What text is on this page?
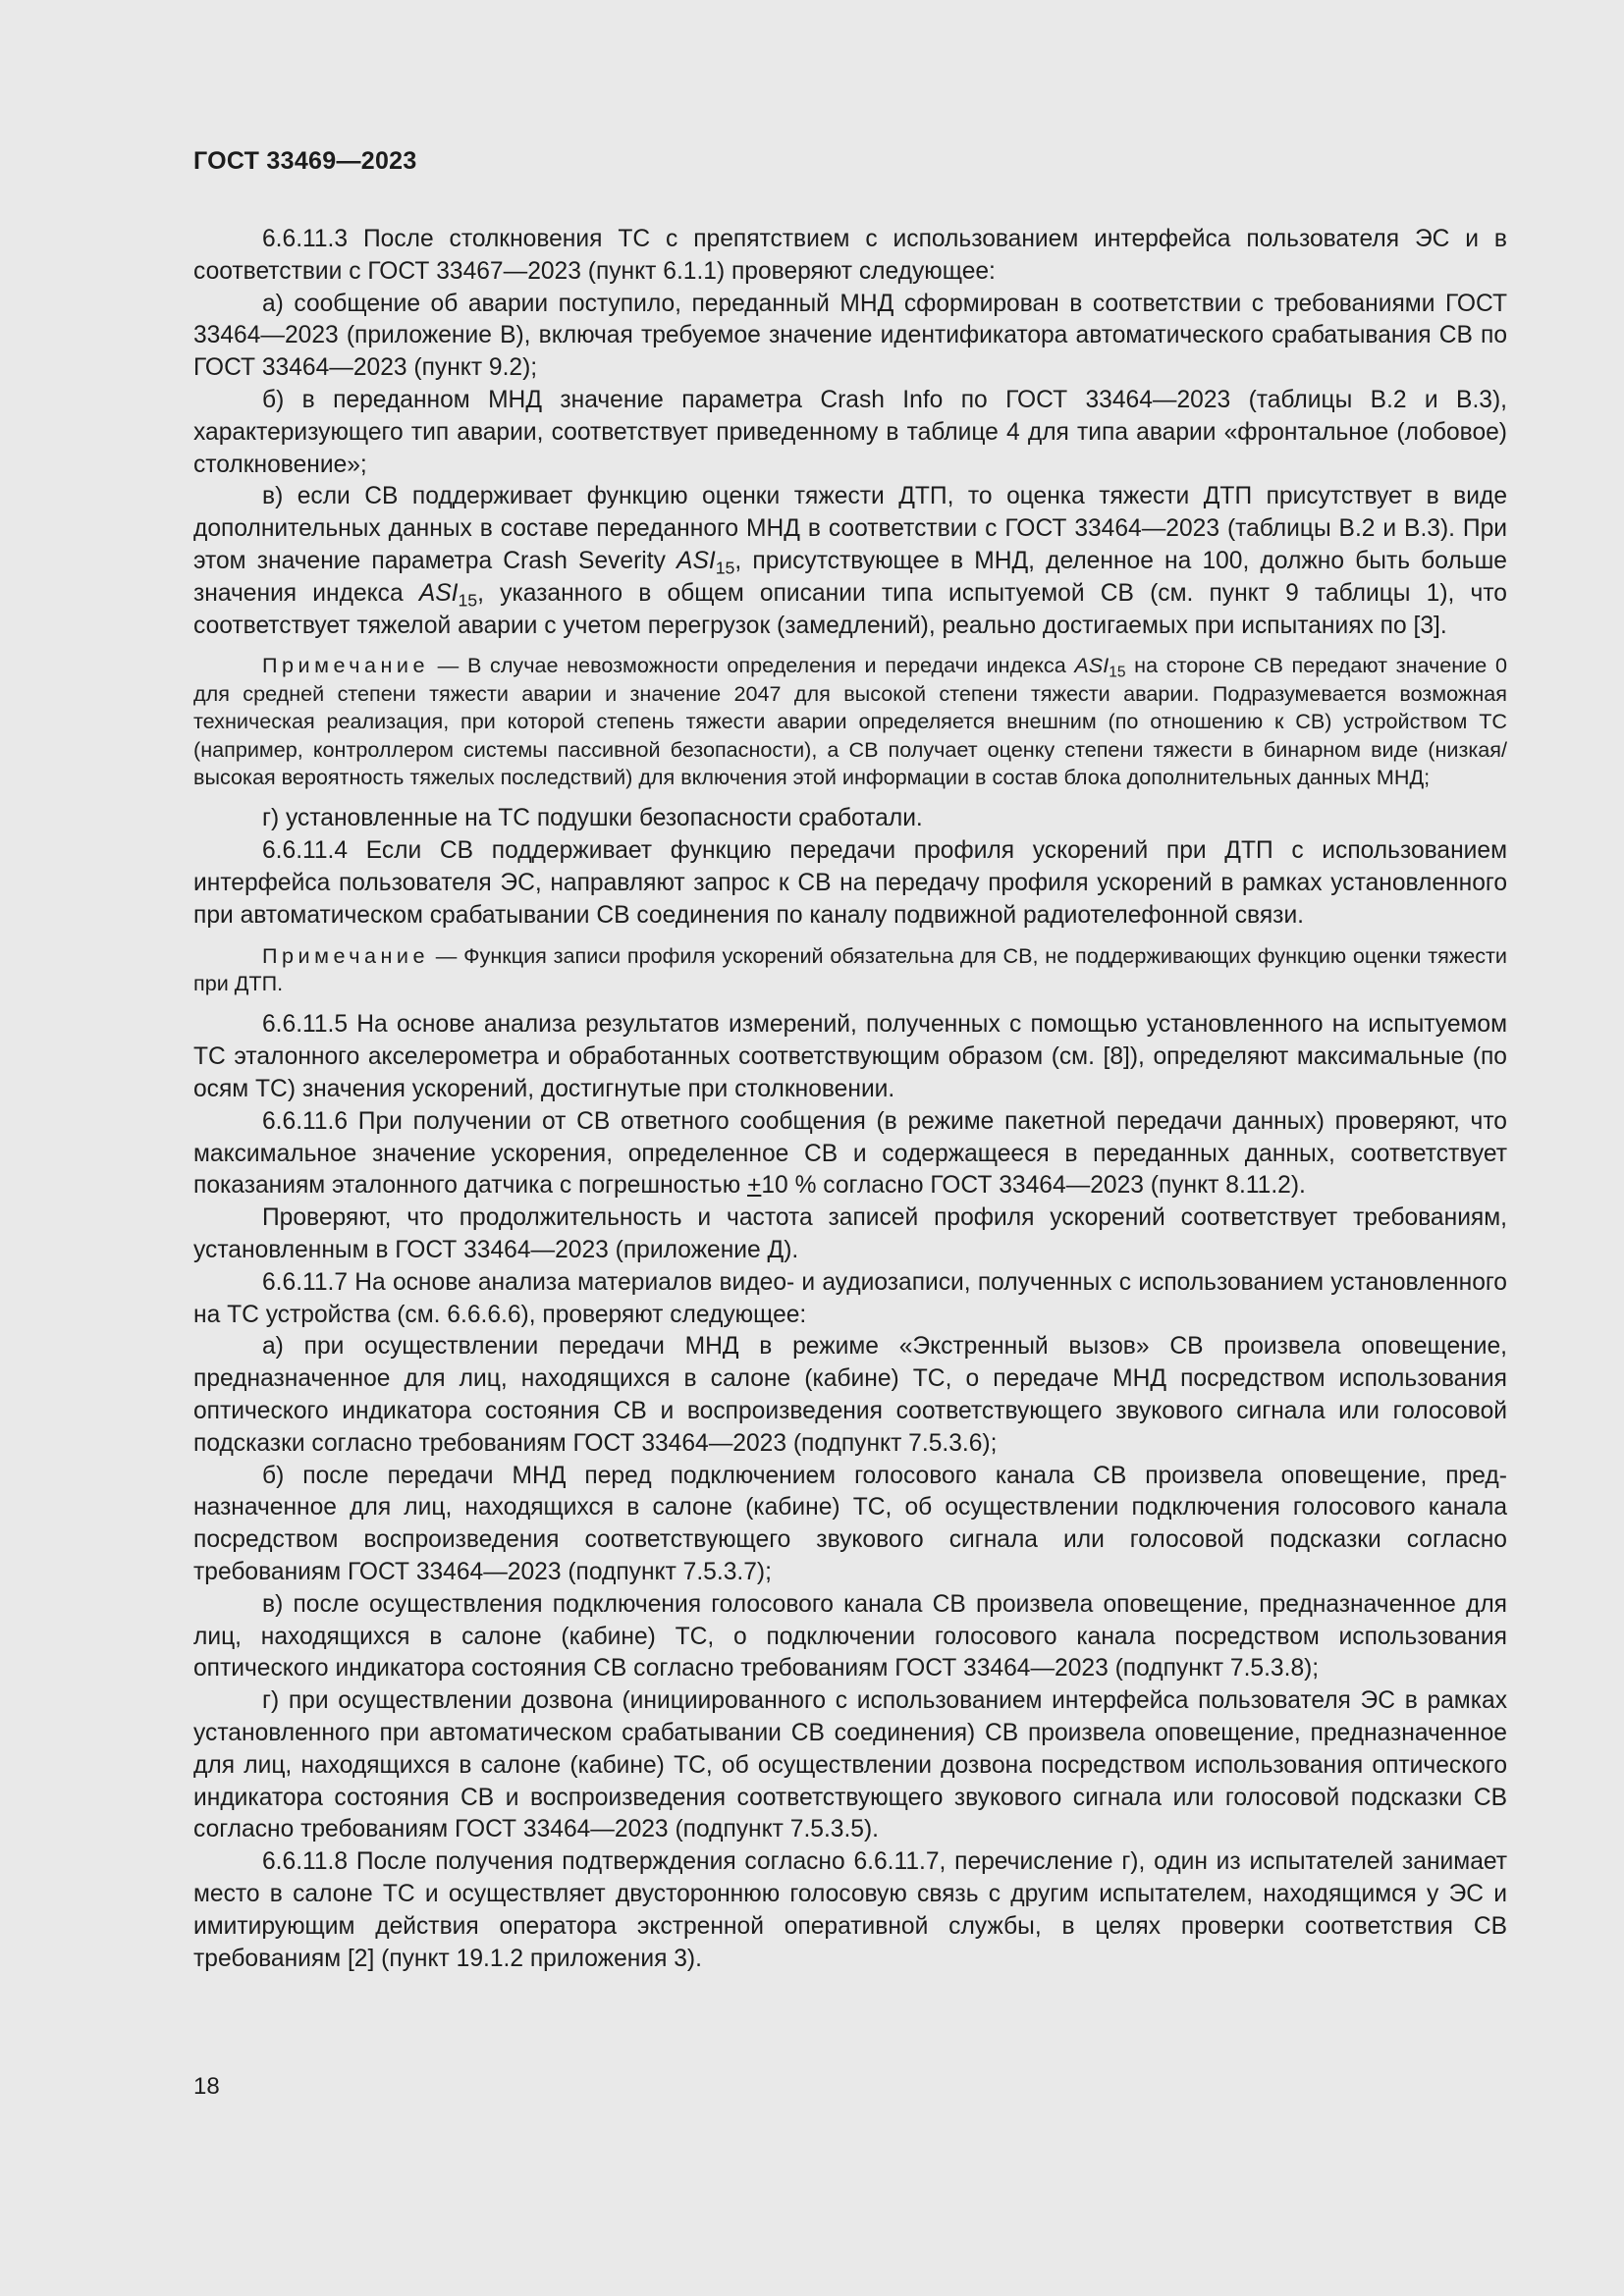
ГОСТ 33469—2023

6.6.11.3 После столкновения ТС с препятствием с использованием интерфейса пользователя ЭС и в соответствии с ГОСТ 33467—2023 (пункт 6.1.1) проверяют следующее:

а) сообщение об аварии поступило, переданный МНД сформирован в соответствии с требованиями ГОСТ 33464—2023 (приложение В), включая требуемое значение идентификатора автоматического срабатывания СВ по ГОСТ 33464—2023 (пункт 9.2);

б) в переданном МНД значение параметра Crash Info по ГОСТ 33464—2023 (таблицы В.2 и В.3), характеризующего тип аварии, соответствует приведенному в таблице 4 для типа аварии «фронтальное (лобовое) столкновение»;

в) если СВ поддерживает функцию оценки тяжести ДТП, то оценка тяжести ДТП присутствует в виде дополнительных данных в составе переданного МНД в соответствии с ГОСТ 33464—2023 (таблицы В.2 и В.3). При этом значение параметра Crash Severity $ASI_{15}$, присутствующее в МНД, деленное на 100, должно быть больше значения индекса $ASI_{15}$, указанного в общем описании типа испытуемой СВ (см. пункт 9 таблицы 1), что соответствует тяжелой аварии с учетом перегрузок (замедлений), реально достигаемых при испытаниях по [3].

Примечание — В случае невозможности определения и передачи индекса $ASI_{15}$ на стороне СВ передают значение 0 для средней степени тяжести аварии и значение 2047 для высокой степени тяжести аварии. Подразумевается возможная техническая реализация, при которой степень тяжести аварии определяется внешним (по отношению к СВ) устройством ТС (например, контроллером системы пассивной безопасности), а СВ получает оценку степени тяжести в бинарном виде (низкая/ высокая вероятность тяжелых последствий) для включения этой информации в состав блока дополнительных данных МНД;

г) установленные на ТС подушки безопасности сработали.

6.6.11.4 Если СВ поддерживает функцию передачи профиля ускорений при ДТП с использованием интерфейса пользователя ЭС, направляют запрос к СВ на передачу профиля ускорений в рамках установленного при автоматическом срабатывании СВ соединения по каналу подвижной радиотелефонной связи.

Примечание — Функция записи профиля ускорений обязательна для СВ, не поддерживающих функцию оценки тяжести при ДТП.

6.6.11.5 На основе анализа результатов измерений, полученных с помощью установленного на испытуемом ТС эталонного акселерометра и обработанных соответствующим образом (см. [8]), определяют максимальные (по осям ТС) значения ускорений, достигнутые при столкновении.

6.6.11.6 При получении от СВ ответного сообщения (в режиме пакетной передачи данных) проверяют, что максимальное значение ускорения, определенное СВ и содержащееся в переданных данных, соответствует показаниям эталонного датчика с погрешностью +10 % согласно ГОСТ 33464—2023 (пункт 8.11.2).

Проверяют, что продолжительность и частота записей профиля ускорений соответствует требованиям, установленным в ГОСТ 33464—2023 (приложение Д).

6.6.11.7 На основе анализа материалов видео- и аудиозаписи, полученных с использованием установленного на ТС устройства (см. 6.6.6.6), проверяют следующее:

а) при осуществлении передачи МНД в режиме «Экстренный вызов» СВ произвела оповещение, предназначенное для лиц, находящихся в салоне (кабине) ТС, о передаче МНД посредством использования оптического индикатора состояния СВ и воспроизведения соответствующего звукового сигнала или голосовой подсказки согласно требованиям ГОСТ 33464—2023 (подпункт 7.5.3.6);

б) после передачи МНД перед подключением голосового канала СВ произвела оповещение, предназначенное для лиц, находящихся в салоне (кабине) ТС, об осуществлении подключения голосового канала посредством воспроизведения соответствующего звукового сигнала или голосовой подсказки согласно требованиям ГОСТ 33464—2023 (подпункт 7.5.3.7);

в) после осуществления подключения голосового канала СВ произвела оповещение, предназначенное для лиц, находящихся в салоне (кабине) ТС, о подключении голосового канала посредством использования оптического индикатора состояния СВ согласно требованиям ГОСТ 33464—2023 (подпункт 7.5.3.8);

г) при осуществлении дозвона (инициированного с использованием интерфейса пользователя ЭС в рамках установленного при автоматическом срабатывании СВ соединения) СВ произвела оповещение, предназначенное для лиц, находящихся в салоне (кабине) ТС, об осуществлении дозвона посредством использования оптического индикатора состояния СВ и воспроизведения соответствующего звукового сигнала или голосовой подсказки СВ согласно требованиям ГОСТ 33464—2023 (подпункт 7.5.3.5).

6.6.11.8 После получения подтверждения согласно 6.6.11.7, перечисление г), один из испытателей занимает место в салоне ТС и осуществляет двустороннюю голосовую связь с другим испытателем, находящимся у ЭС и имитирующим действия оператора экстренной оперативной службы, в целях проверки соответствия СВ требованиям [2] (пункт 19.1.2 приложения 3).

18
